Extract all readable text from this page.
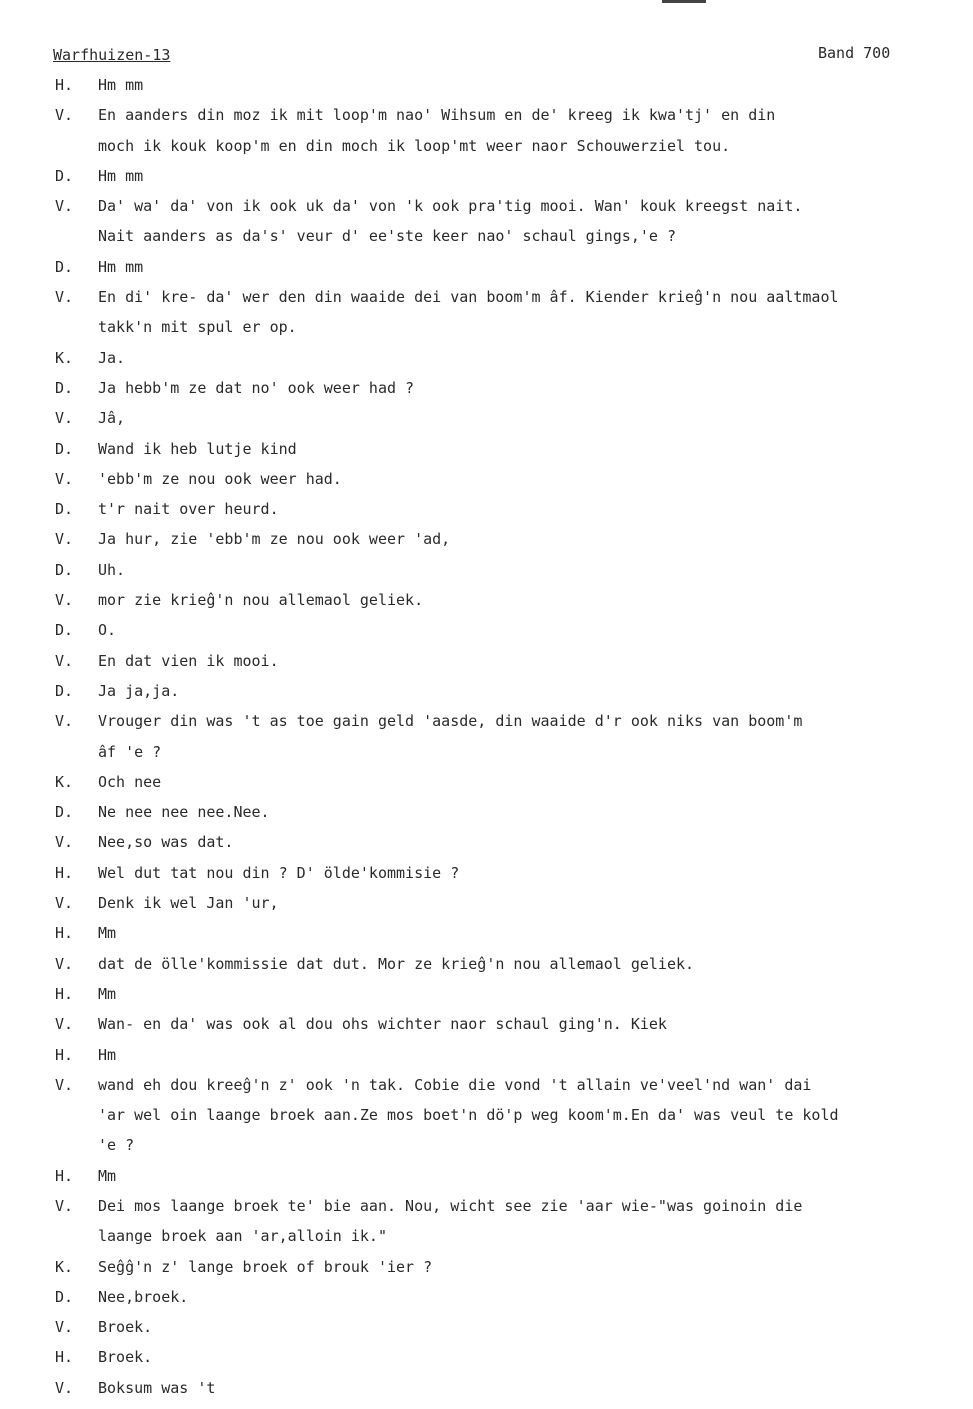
Warfhuizen-13	Band 700
H. Hm mm
V. En aanders din moz ik mit loop'm nao' Wihsum en de' kreeg ik kwa'tj' en din
moch ik kouk koop'm en din moch ik loop'mt weer naor Schouwerziel tou.
D. Hm mm
V. Da' wa' da' von ik ook uk da' von 'k ook pra'tig mooi. Wan' kouk kreegst nait.
Nait aanders as da's' veur d' ee'ste keer nao' schaul gings,'e ?
D. Hm mm
V. En di' kre- da' wer den din waaide dei van boom'm âf. Kiender krieĝ'n nou aaltmaol
takk'n mit spul er op.
K. Ja.
D. Ja hebb'm ze dat no' ook weer had ?
V. Jâ,
D. Wand ik heb lutje kind
V. 'ebb'm ze nou ook weer had.
D. t'r nait over heurd.
V. Ja hur, zie 'ebb'm ze nou ook weer 'ad,
D. Uh.
V. mor zie krieĝ'n nou allemaol geliek.
D. O.
V. En dat vien ik mooi.
D. Ja ja,ja.
V. Vrouger din was 't as toe gain geld 'aasde, din waaide d'r ook niks van boom'm
âf 'e ?
K. Och nee
D. Ne nee nee nee.Nee.
V. Nee,so was dat.
H. Wel dut tat nou din ? D' ölde'kommisie ?
V. Denk ik wel Jan 'ur,
H. Mm
V. dat de ölle'kommissie dat dut. Mor ze krieĝ'n nou allemaol geliek.
H. Mm
V. Wan- en da' was ook al dou ohs wichter naor schaul ging'n. Kiek
H. Hm
V. wand eh dou kreeĝ'n z' ook 'n tak. Cobie die vond 't allain ve'veel'nd wan' dai
'ar wel oin laange broek aan.Ze mos boet'n dö'p weg koom'm.En da' was veul te kold
'e ?
H. Mm
V. Dei mos laange broek te' bie aan. Nou, wicht see zie 'aar wie-"was goinoin die
laange broek aan 'ar,alloin ik."
K. Seĝĝ'n z' lange broek of brouk 'ier ?
D. Nee,broek.
V. Broek.
H. Broek.
V. Boksum was 't
